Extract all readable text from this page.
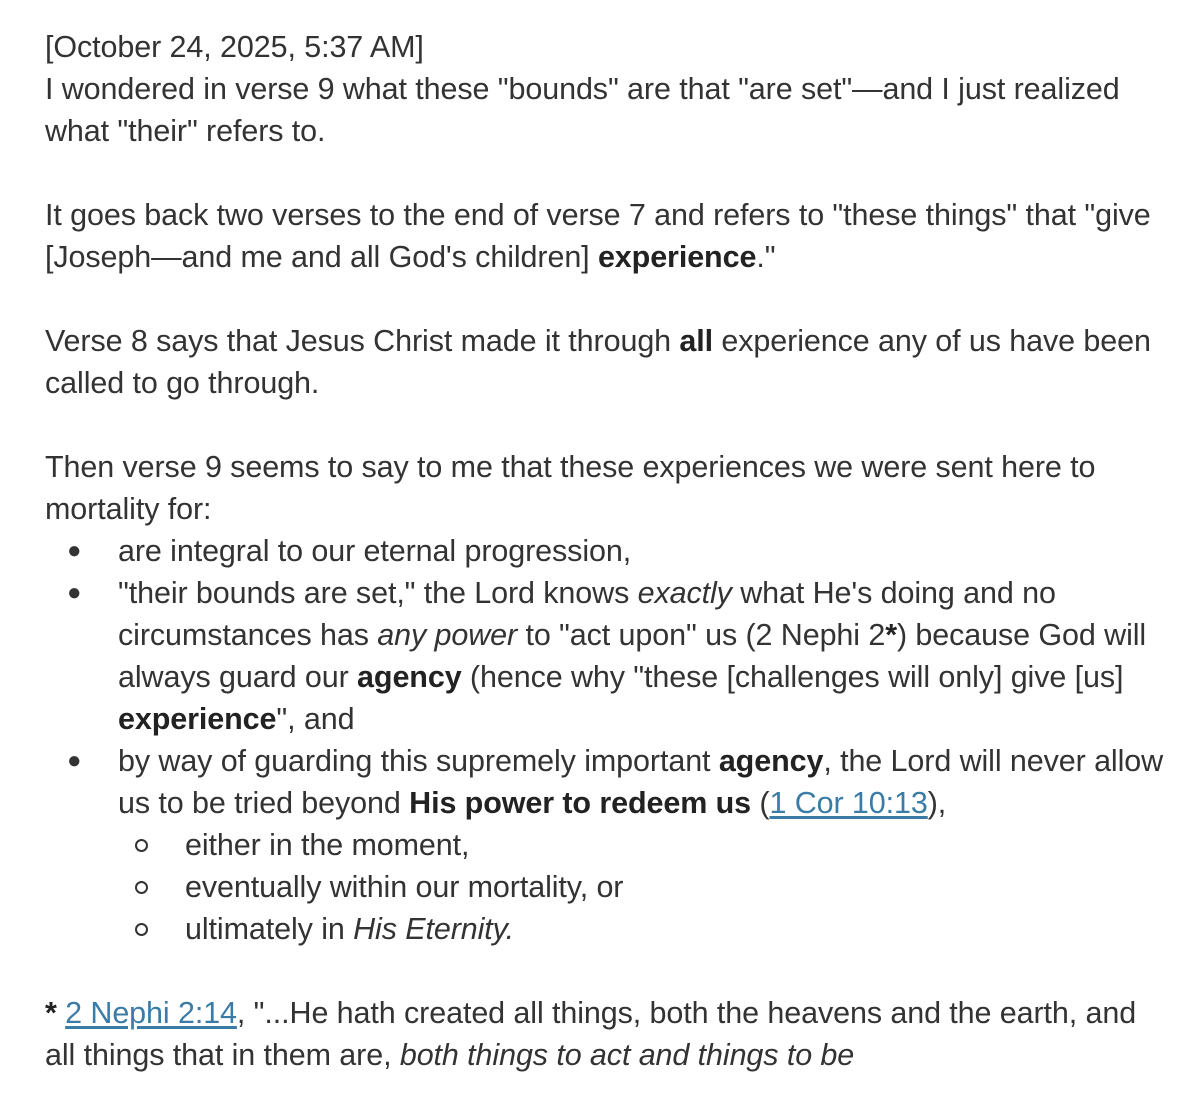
[October 24, 2025, 5:37 AM]

I wondered in verse 9 what these "bounds" are that "are set"—and I just realized what "their" refers to.

It goes back two verses to the end of verse 7 and refers to "these things" that "give [Joseph—and me and all God's children] experience."

Verse 8 says that Jesus Christ made it through all experience any of us have been called to go through.

Then verse 9 seems to say to me that these experiences we were sent here to mortality for:

● are integral to our eternal progression,
● "their bounds are set," the Lord knows exactly what He's doing and no circumstances has any power to "act upon" us (2 Nephi 2*) because God will always guard our agency (hence why "these [challenges will only] give [us] experience", and
● by way of guarding this supremely important agency, the Lord will never allow us to be tried beyond His power to redeem us (1 Cor 10:13),
either in the moment,
eventually within our mortality, or
ultimately in His Eternity.

* 2 Nephi 2:14, "...He hath created all things, both the heavens and the earth, and all things that in them are, both things to act and things to be
